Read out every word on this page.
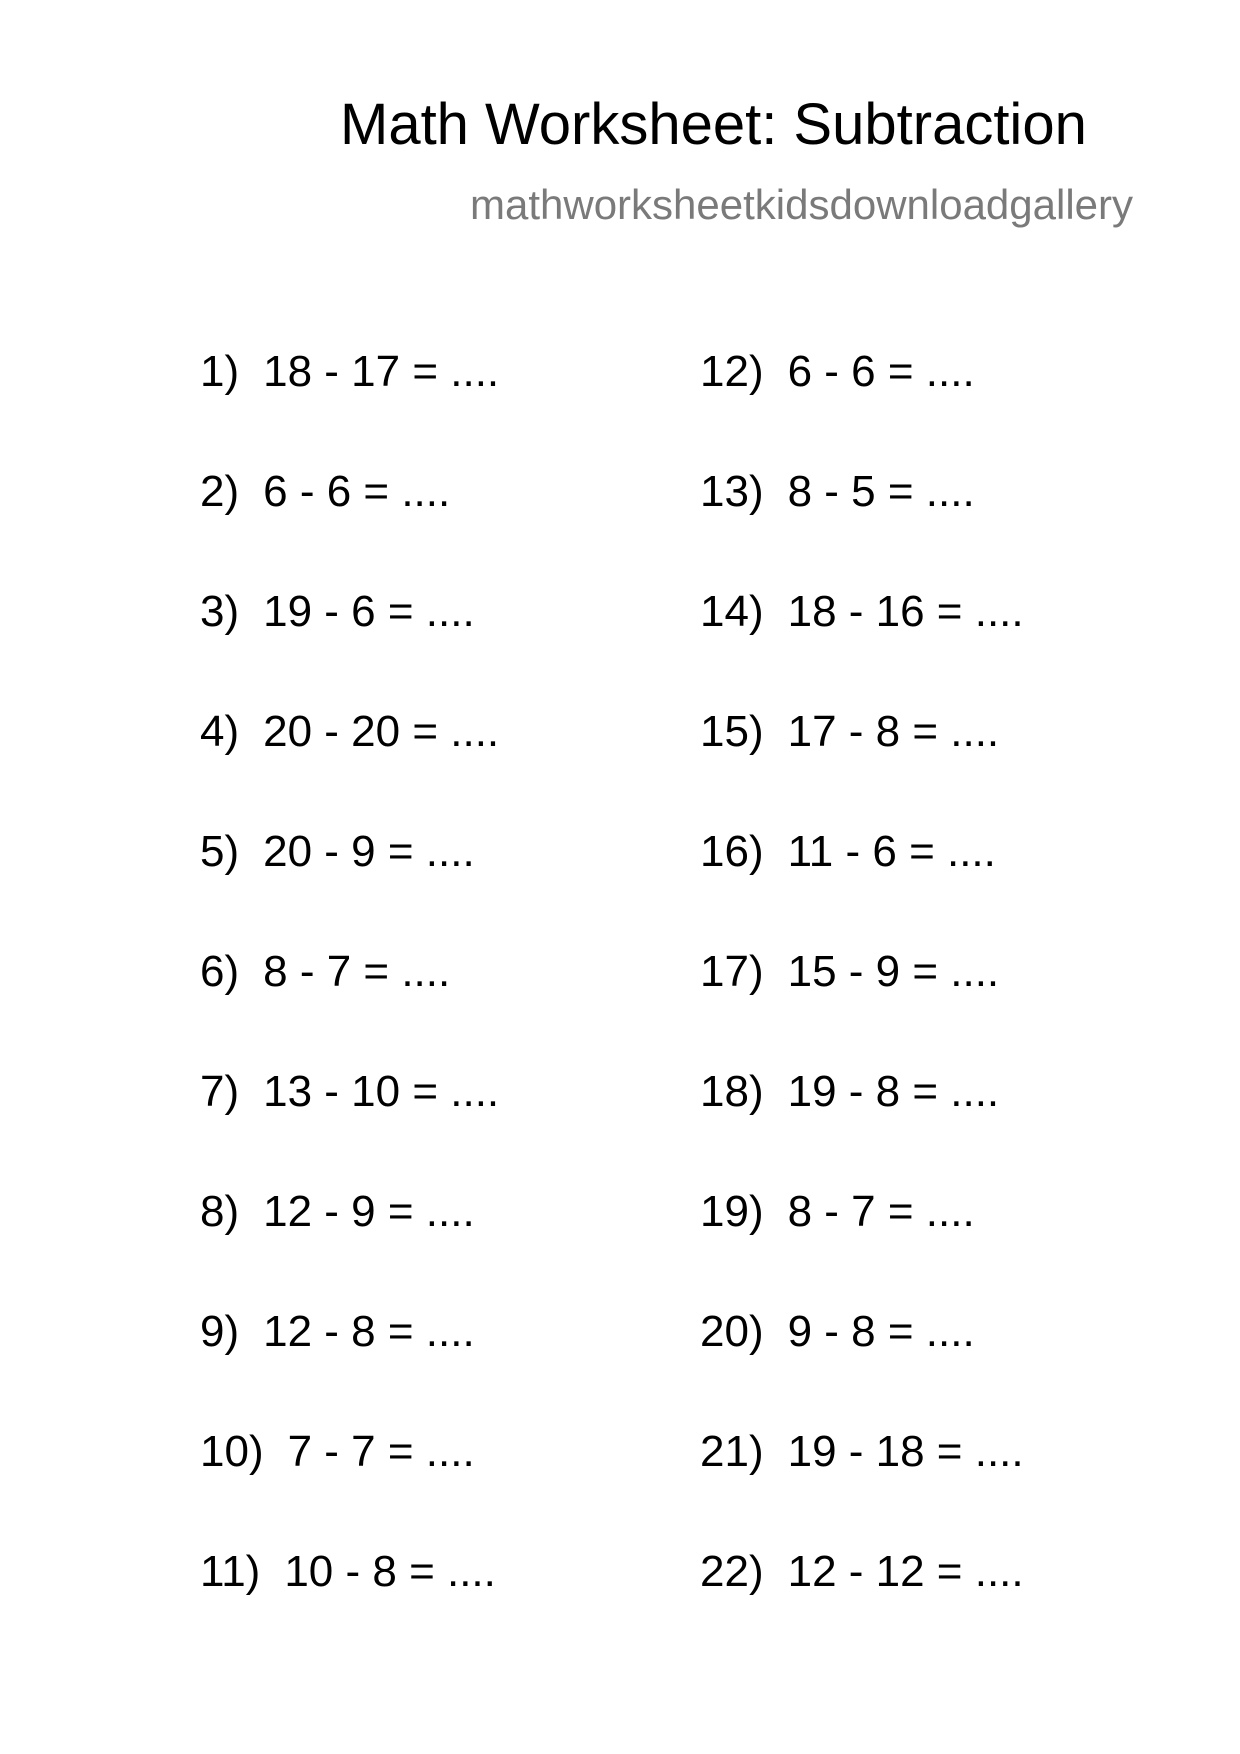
Math Worksheet: Subtraction
mathworksheetkidsdownloadgallery
1) 18 - 17 = ....
2) 6 - 6 = ....
3) 19 - 6 = ....
4) 20 - 20 = ....
5) 20 - 9 = ....
6) 8 - 7 = ....
7) 13 - 10 = ....
8) 12 - 9 = ....
9) 12 - 8 = ....
10) 7 - 7 = ....
11) 10 - 8 = ....
12) 6 - 6 = ....
13) 8 - 5 = ....
14) 18 - 16 = ....
15) 17 - 8 = ....
16) 11 - 6 = ....
17) 15 - 9 = ....
18) 19 - 8 = ....
19) 8 - 7 = ....
20) 9 - 8 = ....
21) 19 - 18 = ....
22) 12 - 12 = ....
